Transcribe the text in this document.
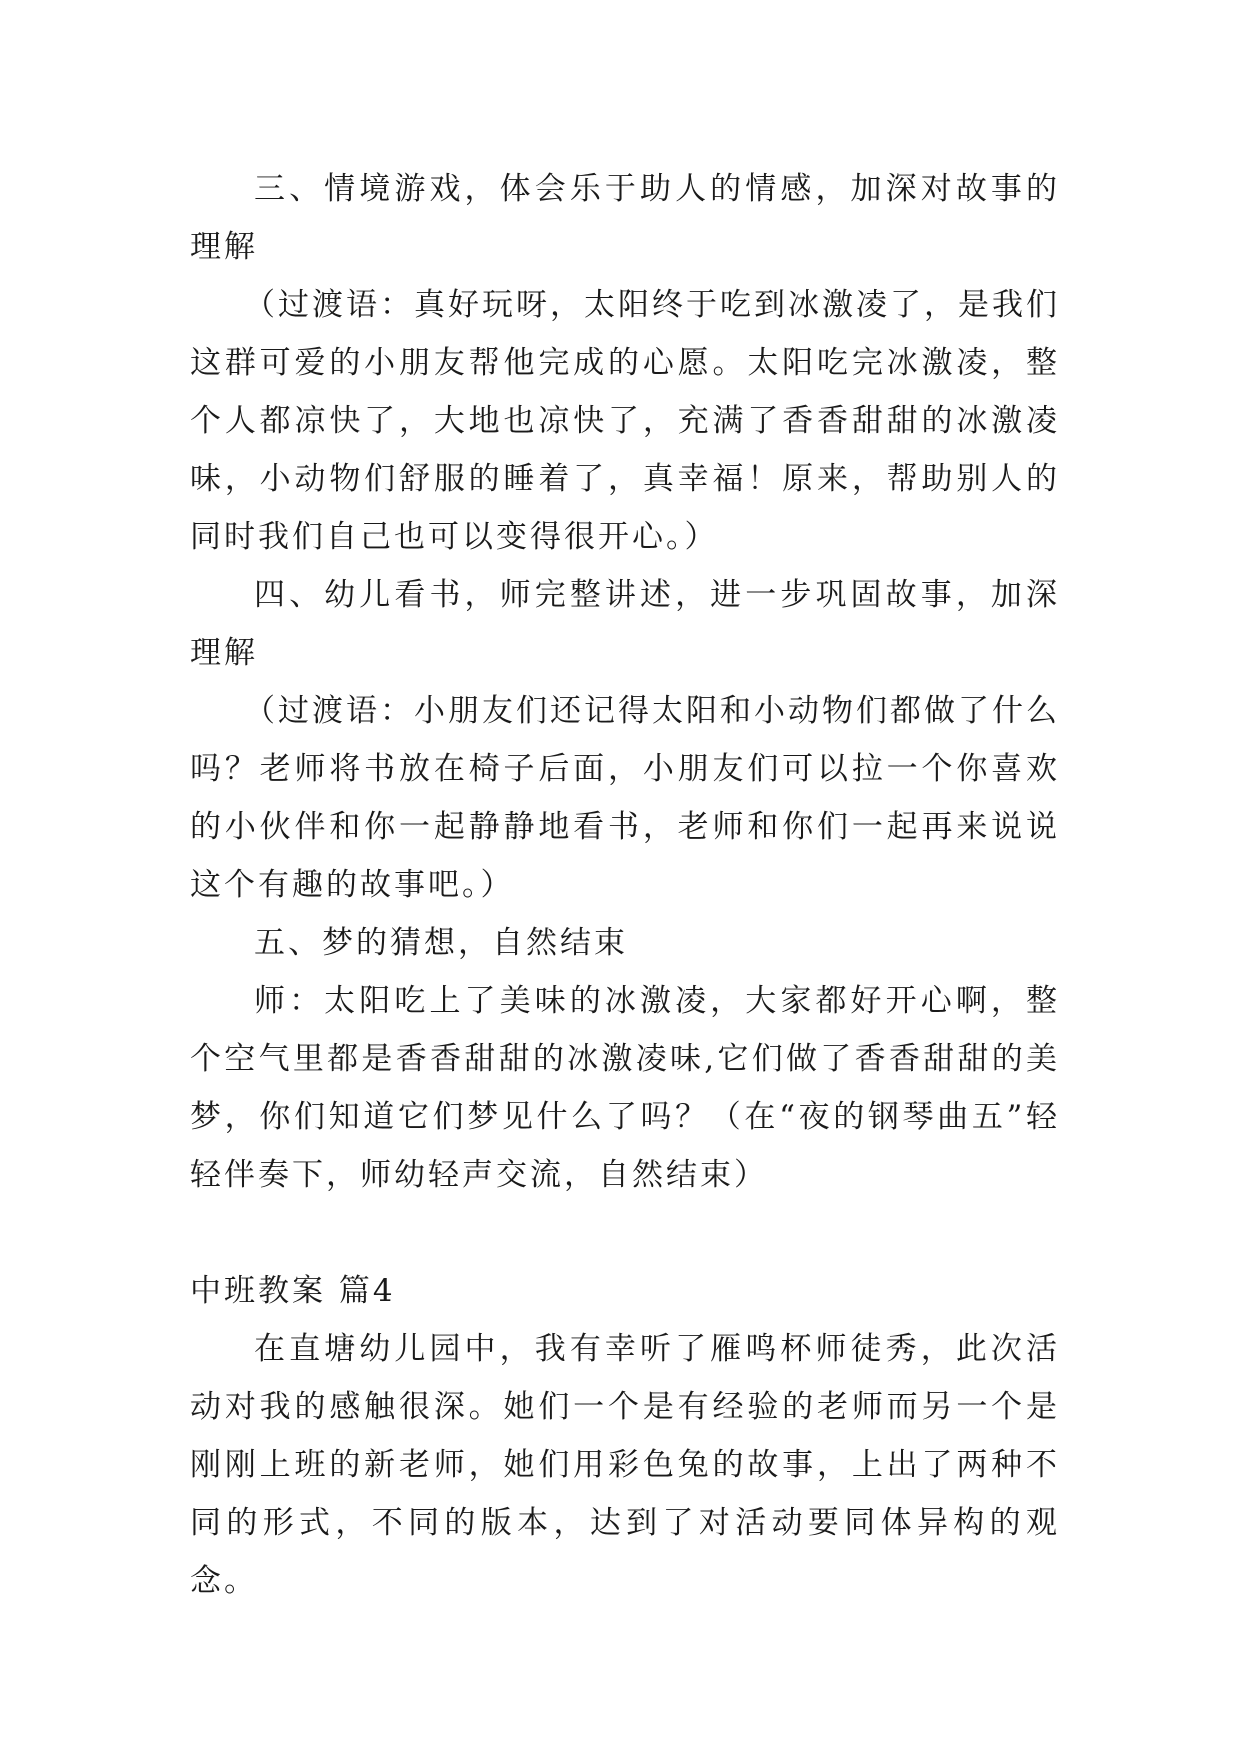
三、情境游戏，体会乐于助人的情感，加深对故事的理解

（过渡语：真好玩呀，太阳终于吃到冰激凌了，是我们这群可爱的小朋友帮他完成的心愿。太阳吃完冰激凌，整个人都凉快了，大地也凉快了，充满了香香甜甜的冰激凌味，小动物们舒服的睡着了，真幸福！原来，帮助别人的同时我们自己也可以变得很开心。）

四、幼儿看书，师完整讲述，进一步巩固故事，加深理解

（过渡语：小朋友们还记得太阳和小动物们都做了什么吗？老师将书放在椅子后面，小朋友们可以拉一个你喜欢的小伙伴和你一起静静地看书，老师和你们一起再来说说这个有趣的故事吧。）

五、梦的猜想，自然结束

师：太阳吃上了美味的冰激凌，大家都好开心啊，整个空气里都是香香甜甜的冰激凌味,它们做了香香甜甜的美梦，你们知道它们梦见什么了吗？（在“夜的钢琴曲五”轻轻伴奏下，师幼轻声交流，自然结束）

中班教案 篇4

在直塘幼儿园中，我有幸听了雁鸣杯师徒秀，此次活动对我的感触很深。她们一个是有经验的老师而另一个是刚刚上班的新老师，她们用彩色兔的故事，上出了两种不同的形式，不同的版本，达到了对活动要同体异构的观念。
